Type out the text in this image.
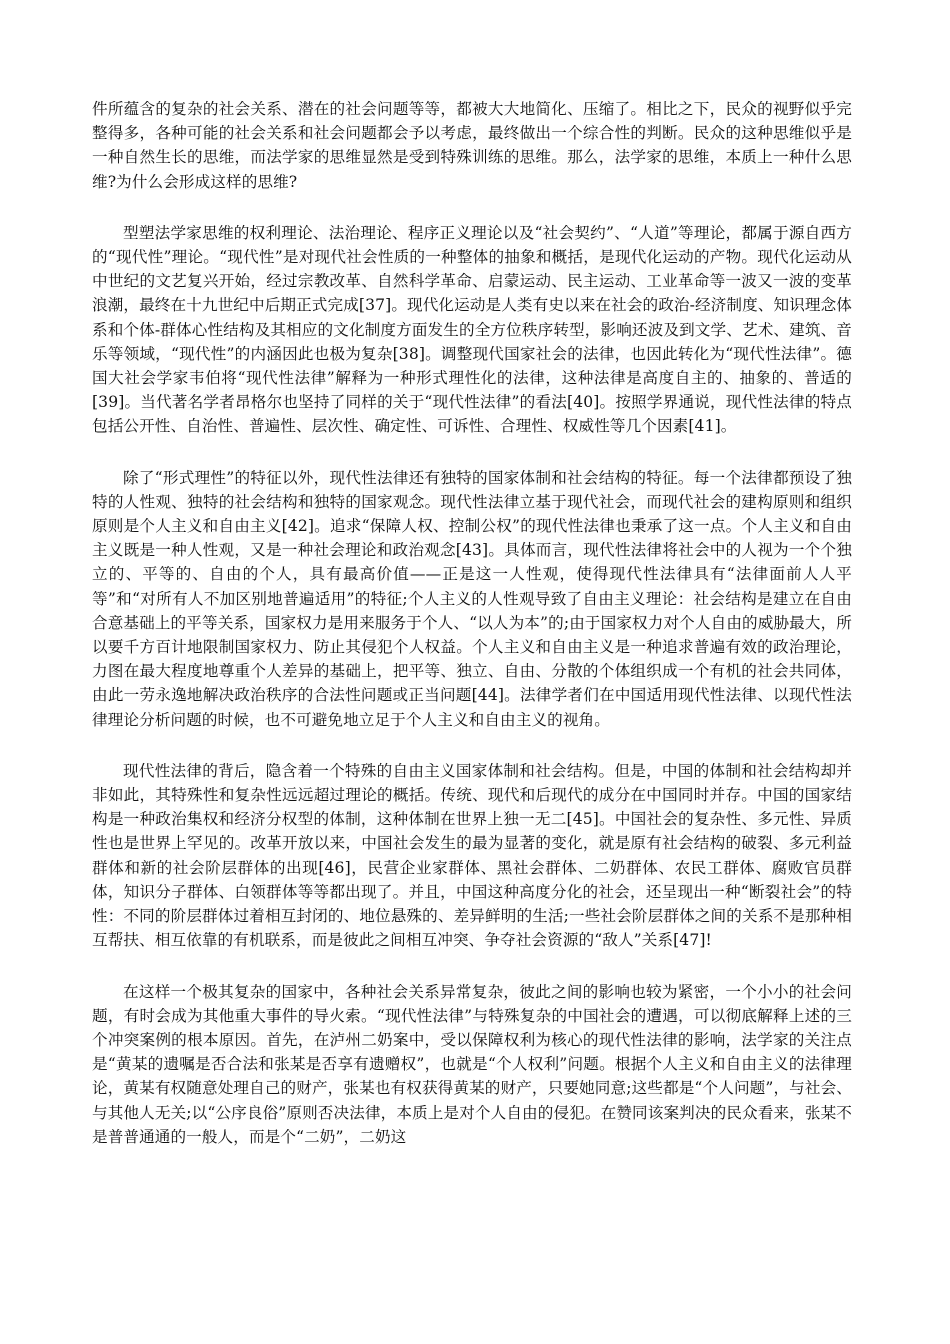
件所蕴含的复杂的社会关系、潜在的社会问题等等，都被大大地简化、压缩了。相比之下，民众的视野似乎完整得多，各种可能的社会关系和社会问题都会予以考虑，最终做出一个综合性的判断。民众的这种思维似乎是一种自然生长的思维，而法学家的思维显然是受到特殊训练的思维。那么，法学家的思维，本质上一种什么思维?为什么会形成这样的思维?

型塑法学家思维的权利理论、法治理论、程序正义理论以及“社会契约”、“人道”等理论，都属于源自西方的“现代性”理论。“现代性”是对现代社会性质的一种整体的抽象和概括，是现代化运动的产物。现代化运动从中世纪的文艺复兴开始，经过宗教改革、自然科学革命、启蒙运动、民主运动、工业革命等一波又一波的变革浪潮，最终在十九世纪中后期正式完成[37]。现代化运动是人类有史以来在社会的政治-经济制度、知识理念体系和个体-群体心性结构及其相应的文化制度方面发生的全方位秩序转型，影响还波及到文学、艺术、建筑、音乐等领域，“现代性”的内涵因此也极为复杂[38]。调整现代国家社会的法律，也因此转化为“现代性法律”。德国大社会学家韦伯将“现代性法律”解释为一种形式理性化的法律，这种法律是高度自主的、抽象的、普适的[39]。当代著名学者昂格尔也坚持了同样的关于“现代性法律”的看法[40]。按照学界通说，现代性法律的特点包括公开性、自治性、普遍性、层次性、确定性、可诉性、合理性、权威性等几个因素[41]。

除了“形式理性”的特征以外，现代性法律还有独特的国家体制和社会结构的特征。每一个法律都预设了独特的人性观、独特的社会结构和独特的国家观念。现代性法律立基于现代社会，而现代社会的建构原则和组织原则是个人主义和自由主义[42]。追求“保障人权、控制公权”的现代性法律也秉承了这一点。个人主义和自由主义既是一种人性观，又是一种社会理论和政治观念[43]。具体而言，现代性法律将社会中的人视为一个个独立的、平等的、自由的个人，具有最高价值——正是这一人性观，使得现代性法律具有“法律面前人人平等”和“对所有人不加区别地普遍适用”的特征;个人主义的人性观导致了自由主义理论：社会结构是建立在自由合意基础上的平等关系，国家权力是用来服务于个人、“以人为本”的;由于国家权力对个人自由的威胁最大，所以要千方百计地限制国家权力、防止其侵犯个人权益。个人主义和自由主义是一种追求普遍有效的政治理论，力图在最大程度地尊重个人差异的基础上，把平等、独立、自由、分散的个体组织成一个有机的社会共同体，由此一劳永逸地解决政治秩序的合法性问题或正当问题[44]。法律学者们在中国适用现代性法律、以现代性法律理论分析问题的时候，也不可避免地立足于个人主义和自由主义的视角。

现代性法律的背后，隐含着一个特殊的自由主义国家体制和社会结构。但是，中国的体制和社会结构却并非如此，其特殊性和复杂性远远超过理论的概括。传统、现代和后现代的成分在中国同时并存。中国的国家结构是一种政治集权和经济分权型的体制，这种体制在世界上独一无二[45]。中国社会的复杂性、多元性、异质性也是世界上罕见的。改革开放以来，中国社会发生的最为显著的变化，就是原有社会结构的破裂、多元利益群体和新的社会阶层群体的出现[46]，民营企业家群体、黑社会群体、二奶群体、农民工群体、腐败官员群体，知识分子群体、白领群体等等都出现了。并且，中国这种高度分化的社会，还呈现出一种“断裂社会”的特性：不同的阶层群体过着相互封闭的、地位悬殊的、差异鲜明的生活;一些社会阶层群体之间的关系不是那种相互帮扶、相互依靠的有机联系，而是彼此之间相互冲突、争夺社会资源的“敌人”关系[47]!

在这样一个极其复杂的国家中，各种社会关系异常复杂，彼此之间的影响也较为紧密，一个小小的社会问题，有时会成为其他重大事件的导火索。“现代性法律”与特殊复杂的中国社会的遭遇，可以彻底解释上述的三个冲突案例的根本原因。首先，在泸州二奶案中，受以保障权利为核心的现代性法律的影响，法学家的关注点是“黄某的遗嘱是否合法和张某是否享有遗赠权”，也就是“个人权利”问题。根据个人主义和自由主义的法律理论，黄某有权随意处理自己的财产，张某也有权获得黄某的财产，只要她同意;这些都是“个人问题”，与社会、与其他人无关;以“公序良俗”原则否决法律，本质上是对个人自由的侵犯。在赞同该案判决的民众看来，张某不是普普通通的一般人，而是个“二奶”，二奶这
